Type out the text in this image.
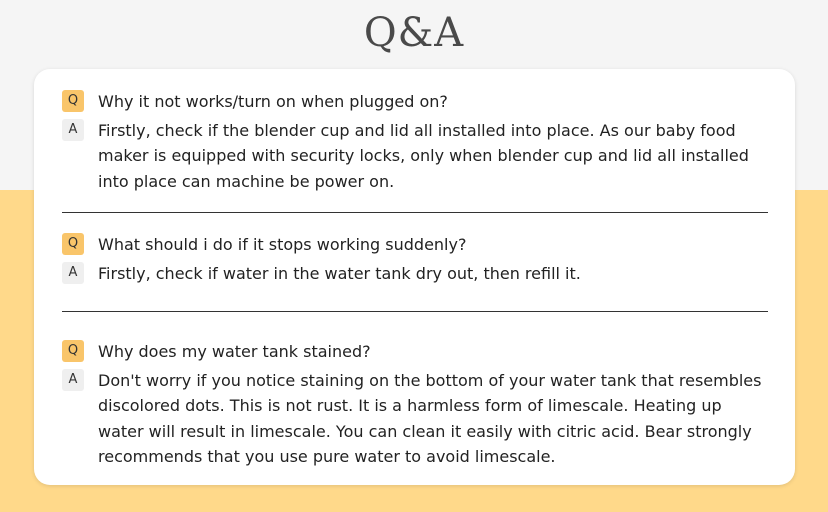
Q&A
Q	Why it not works/turn on when plugged on?
A	Firstly, check if the blender cup and lid all installed into place. As our baby food maker is equipped with security locks, only when blender cup and lid all installed into place can machine be power on.
Q	What should i do if it stops working suddenly?
A	Firstly, check if water in the water tank dry out, then refill it.
Q	Why does my water tank stained?
A	Don't worry if you notice staining on the bottom of your water tank that resembles discolored dots. This is not rust. It is a harmless form of limescale. Heating up water will result in limescale. You can clean it easily with citric acid. Bear strongly recommends that you use pure water to avoid limescale.
